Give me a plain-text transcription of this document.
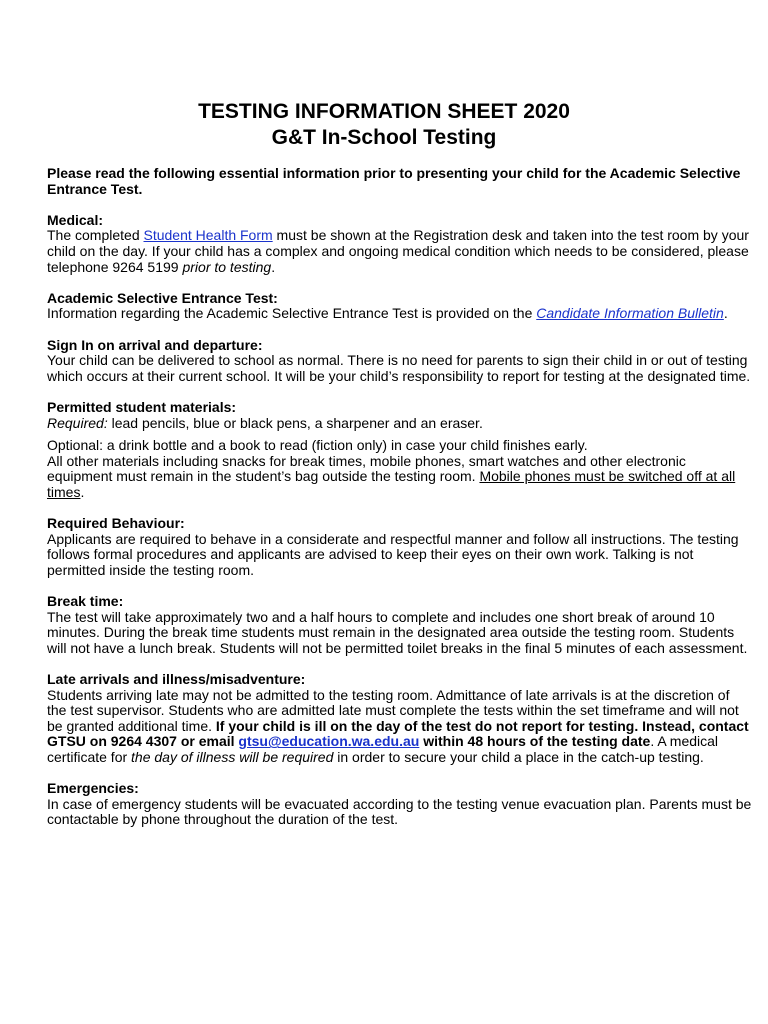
TESTING INFORMATION SHEET 2020

G&T In-School Testing

Please read the following essential information prior to presenting your child for the Academic Selective Entrance Test.

Medical:

The completed Student Health Form must be shown at the Registration desk and taken into the test room by your child on the day. If your child has a complex and ongoing medical condition which needs to be considered, please telephone 9264 5199 prior to testing.

Academic Selective Entrance Test:

Information regarding the Academic Selective Entrance Test is provided on the Candidate Information Bulletin.

Sign In on arrival and departure:

Your child can be delivered to school as normal. There is no need for parents to sign their child in or out of testing which occurs at their current school. It will be your child’s responsibility to report for testing at the designated time.

Permitted student materials:

Required: lead pencils, blue or black pens, a sharpener and an eraser.

Optional: a drink bottle and a book to read (fiction only) in case your child finishes early.

All other materials including snacks for break times, mobile phones, smart watches and other electronic equipment must remain in the student’s bag outside the testing room. Mobile phones must be switched off at all times.

Required Behaviour:

Applicants are required to behave in a considerate and respectful manner and follow all instructions. The testing follows formal procedures and applicants are advised to keep their eyes on their own work. Talking is not permitted inside the testing room.

Break time:

The test will take approximately two and a half hours to complete and includes one short break of around 10 minutes. During the break time students must remain in the designated area outside the testing room. Students will not have a lunch break. Students will not be permitted toilet breaks in the final 5 minutes of each assessment.

Late arrivals and illness/misadventure:

Students arriving late may not be admitted to the testing room. Admittance of late arrivals is at the discretion of the test supervisor. Students who are admitted late must complete the tests within the set timeframe and will not be granted additional time. If your child is ill on the day of the test do not report for testing. Instead, contact GTSU on 9264 4307 or email gtsu@education.wa.edu.au within 48 hours of the testing date. A medical certificate for the day of illness will be required in order to secure your child a place in the catch-up testing.

Emergencies:

In case of emergency students will be evacuated according to the testing venue evacuation plan. Parents must be contactable by phone throughout the duration of the test.
